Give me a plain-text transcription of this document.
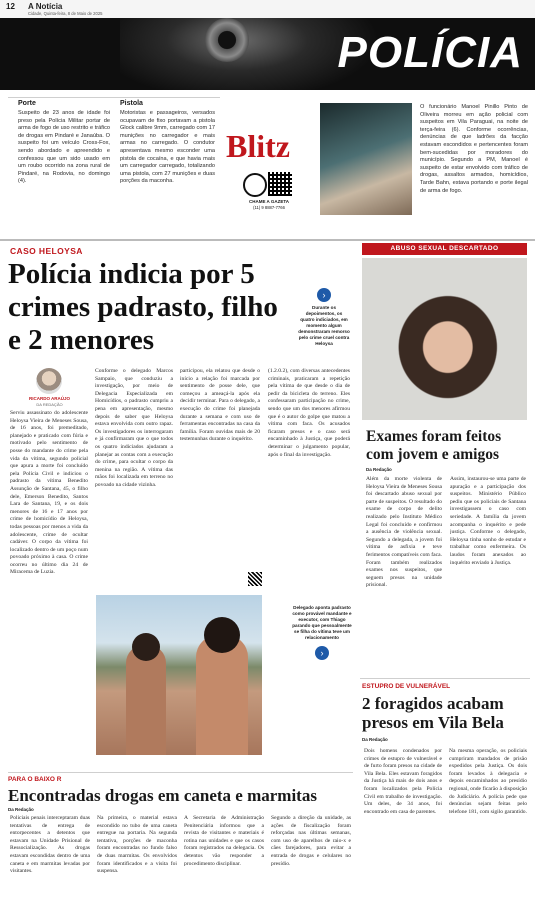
12 A Notícia
Cidade, Quinta-feira, 8 de Maio de 2025
POLÍCIA
Porte
Suspeito de 23 anos de idade foi preso pela Polícia Militar portar de arma de fogo de uso restrito e tráfico de drogas em Pindaré e Janaúba. O suspeito foi um veículo Cross-Fox, sendo abordado e apreendido e confessou que um sido usado em um roubo ocorrido na zona rural de Pindaré, na Rodovia, no domingo (4).
Pistola
Motoristas e passageiros, versados ocupavam de fixo portavam a pistola Glock calibre 9mm, carregado com 17 munições no carregador e mais armas no carregado. O condutor apresentava mesmo esconder uma pistola de cocaína, e que havia mais um carregador carregado, totalizando uma pistola, com 27 munições e duas porções da maconha.
Blitz
CHAME A GAZETA
(11) 9 8887-7766
O funcionário Manoel Pinillo Pinto de Oliveira morreu em ação policial com suspeitos em Vila Paraguai, na noite de terça-feira (6). Conforme ocorrências, denúncias de que ladrões da facção estavam escondidos e pertencentes foram bem-sucedidas por moradores do município. Segundo a PM, Manoel é suspeito de estar envolvido com tráfico de drogas, assaltos armados, homicídios, Tarde Bahn, estava portando e porte ilegal de arma de fogo.
CASO HELOYSA
Polícia indicia por 5 crimes padrasto, filho e 2 menores
›
Durante os depoimentos, os quatro indiciados, em momento algum demonstraram remorso pelo crime cruel contra Heloysa
RICARDO ARAÚJO
DA REDAÇÃO
Serviu assassinato do adolescente Heloysa Vieira de Meneses Sousa, de 16 anos, foi premeditado, planejado e praticado com fúria e motivado pelo sentimento de posse do mandante do crime pela vida da vítima, segundo policial que apura a morte foi concluído pela Polícia Civil e indiciou o padrasto da vítima Benedito Assunção de Santana, 45, o filho dele, Emerson Benedito, Santos Lara de Santana, 19, e os dois menores de 16 e 17 anos por crime de homicídio de Heloysa, todas pessoas por menos a vida da adolescente, crime de ocultar cadáver. O corpo da vítima foi localizado dentro de um poço num povoado próximo à casa. O crime ocorreu no último dia 24 de Miracema de Luzia.
Conforme o delegado Marcos Sampaio, que conduziu a investigação, por meio de Delegacia Especializada em Homicídios, o padrasto cumpriu a pena em apresentação, mesmo depois de saber que Heloysa estava envolvida com outro rapaz. Os investigadores os interrogaram e já confirmaram que o que todos os quatro indiciados ajudaram a planejar as contas com a execução do crime, para ocultar o corpo da menina na região. A vítima das mãos foi localizada em terreno no povoado na cidade vizinha.
participou, ela relatou que desde o início a relação foi marcada por sentimento de posse dele, que começou a ameaçá-la após ela decidir terminar. Para o delegado, a execução do crime foi planejada durante a semana e com uso de ferramentas encontradas na casa da família. Foram ouvidas mais de 20 testemunhas durante o inquérito.
(1.2.0.2), com diversas antecedentes criminais, praticaram a repetição pela vítima de que desde o dia de pedir da bicicleta do terreno. Eles confessaram participação no crime, sendo que um dos menores afirmou que é o autor do golpe que matou a vítima com faca. Os acusados ficaram presos e o caso será encaminhado à Justiça, que poderá determinar o julgamento popular, após o final da investigação.
Delegado aponta padrasto como provável mandante e executor, com Thiago parando que pessoalmente se filha do vítima teve um relacionamento
›
ABUSO SEXUAL DESCARTADO
Exames foram feitos com jovem e amigos
Da Redação
Além da morte violenta de Heloysa Vieira de Meneses Sousa foi descartado abuso sexual por parte de suspeitos. O resultado do exame de corpo de delito realizado pelo Instituto Médico Legal foi concluído e confirmou a ausência de violência sexual. Segundo a delegada, a jovem foi vítima de asfixia e teve ferimentos compatíveis com faca. Foram também realizados exames nos suspeitos, que seguem presos na unidade prisional.
Assim, instaurou-se uma parte de apuração e a participação dos suspeitos. Ministério Público pediu que os policiais de Santana investigassem o caso com seriedade. A família da jovem acompanha o inquérito e pede justiça. Conforme o delegado, Heloysa tinha sonho de estudar e trabalhar como enfermeira. Os laudos foram anexados ao inquérito enviado à Justiça.
ESTUPRO DE VULNERÁVEL
2 foragidos acabam presos em Vila Bela
Da Redação
Dois homens condenados por crimes de estupro de vulnerável e de furto foram presos na cidade de Vila Bela. Eles estavam foragidos da Justiça há mais de dois anos e foram localizados pela Polícia Civil em trabalho de investigação. Um deles, de 34 anos, foi encontrado em casa de parentes.
Na mesma operação, os policiais cumpriram mandados de prisão expedidos pela Justiça. Os dois foram levados à delegacia e depois encaminhados ao presídio regional, onde ficarão à disposição do Judiciário. A polícia pede que denúncias sejam feitas pelo telefone 181, com sigilo garantido.
PARA O BAIXO R
Encontradas drogas em caneta e marmitas
Da Redação
Policiais penais interceptaram duas tentativas de entrega de entorpecentes a detentos que estavam na Unidade Prisional de Ressocialização. As drogas estavam escondidas dentro de uma caneta e em marmitas levadas por visitantes.
Na primeira, o material estava escondido no tubo de uma caneta entregue na portaria. Na segunda tentativa, porções de maconha foram encontradas no fundo falso de duas marmitas. Os envolvidos foram identificados e a visita foi suspensa.
A Secretaria de Administração Penitenciária informou que a revista de visitantes e materiais é rotina nas unidades e que os casos foram registrados na delegacia. Os detentos vão responder a procedimento disciplinar.
Segundo a direção da unidade, as ações de fiscalização foram reforçadas nas últimas semanas, com uso de aparelhos de raio-x e cães farejadores, para evitar a entrada de drogas e celulares no presídio.
